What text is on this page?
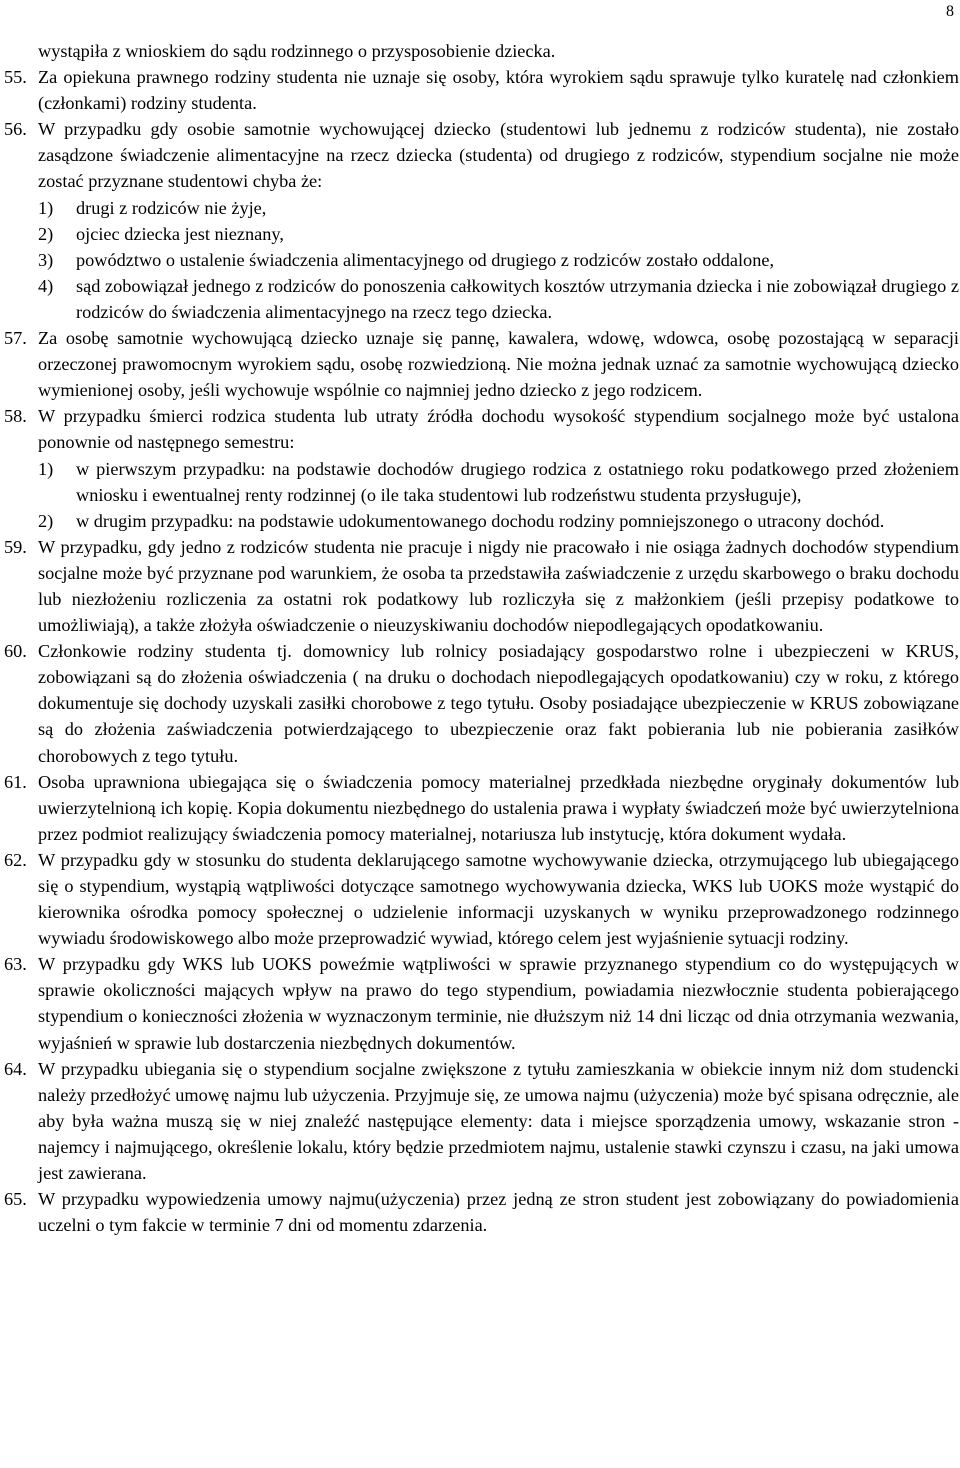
8
wystąpiła z wnioskiem do sądu rodzinnego o przysposobienie dziecka.
55. Za opiekuna prawnego rodziny studenta nie uznaje się osoby, która wyrokiem sądu sprawuje tylko kuratelę nad członkiem (członkami) rodziny studenta.
56. W przypadku gdy osobie samotnie wychowującej dziecko (studentowi lub jednemu z rodziców studenta), nie zostało zasądzone świadczenie alimentacyjne na rzecz dziecka (studenta) od drugiego z rodziców, stypendium socjalne nie może zostać przyznane studentowi chyba że:
1)	drugi z rodziców nie żyje,
2)	ojciec dziecka jest nieznany,
3)	powództwo o ustalenie świadczenia alimentacyjnego od drugiego z rodziców zostało oddalone,
4)	sąd zobowiązał jednego z rodziców do ponoszenia całkowitych kosztów utrzymania dziecka i nie zobowiązał drugiego z rodziców do świadczenia alimentacyjnego na rzecz tego dziecka.
57. Za osobę samotnie wychowującą dziecko uznaje się pannę, kawalera, wdowę, wdowca, osobę pozostającą w separacji orzeczonej prawomocnym wyrokiem sądu, osobę rozwiedzioną. Nie można jednak uznać za samotnie wychowującą dziecko wymienionej osoby, jeśli wychowuje wspólnie co najmniej jedno dziecko z jego rodzicem.
58. W przypadku śmierci rodzica studenta lub utraty źródła dochodu wysokość stypendium socjalnego może być ustalona ponownie od następnego semestru:
1)	w pierwszym przypadku: na podstawie dochodów drugiego rodzica z ostatniego roku podatkowego przed złożeniem wniosku i ewentualnej renty rodzinnej (o ile taka studentowi lub rodzeństwu studenta przysługuje),
2)	w drugim przypadku: na podstawie udokumentowanego dochodu rodziny pomniejszonego o utracony dochód.
59. W przypadku, gdy jedno z rodziców studenta nie pracuje i nigdy nie pracowało i nie osiąga żadnych dochodów stypendium socjalne może być przyznane pod warunkiem, że osoba ta przedstawiła zaświadczenie z urzędu skarbowego o braku dochodu lub niezłożeniu rozliczenia za ostatni rok podatkowy lub rozliczyła się z małżonkiem (jeśli przepisy podatkowe to umożliwiają), a także złożyła oświadczenie o nieuzyskiwaniu dochodów niepodlegających opodatkowaniu.
60. Członkowie rodziny studenta tj. domownicy lub rolnicy posiadający gospodarstwo rolne i ubezpieczeni w KRUS, zobowiązani są do złożenia oświadczenia ( na druku o dochodach niepodlegających opodatkowaniu) czy w roku, z którego dokumentuje się dochody uzyskali zasiłki chorobowe z tego tytułu. Osoby posiadające ubezpieczenie w KRUS zobowiązane są do złożenia zaświadczenia potwierdzającego to ubezpieczenie oraz fakt pobierania lub nie pobierania zasiłków chorobowych z tego tytułu.
61. Osoba uprawniona ubiegająca się o świadczenia pomocy materialnej przedkłada niezbędne oryginały dokumentów lub uwierzytelnioną ich kopię. Kopia dokumentu niezbędnego do ustalenia prawa i wypłaty świadczeń może być uwierzytelniona przez podmiot realizujący świadczenia pomocy materialnej, notariusza lub instytucję, która dokument wydała.
62. W przypadku gdy w stosunku do studenta deklarującego samotne wychowywanie dziecka, otrzymującego lub ubiegającego się o stypendium, wystąpią wątpliwości dotyczące samotnego wychowywania dziecka, WKS lub UOKS może wystąpić do kierownika ośrodka pomocy społecznej o udzielenie informacji uzyskanych w wyniku przeprowadzonego rodzinnego wywiadu środowiskowego albo może przeprowadzić wywiad, którego celem jest wyjaśnienie sytuacji rodziny.
63. W przypadku gdy WKS lub UOKS poweźmie wątpliwości w sprawie przyznanego stypendium co do występujących w sprawie okoliczności mających wpływ na prawo do tego stypendium, powiadamia niezwłocznie studenta pobierającego stypendium o konieczności złożenia w wyznaczonym terminie, nie dłuższym niż 14 dni licząc od dnia otrzymania wezwania, wyjaśnień w sprawie lub dostarczenia niezbędnych dokumentów.
64. W przypadku ubiegania się o stypendium socjalne zwiększone z tytułu zamieszkania w obiekcie innym niż dom studencki należy przedłożyć umowę najmu lub użyczenia. Przyjmuje się, ze umowa najmu (użyczenia) może być spisana odręcznie, ale aby była ważna muszą się w niej znaleźć następujące elementy: data i miejsce sporządzenia umowy, wskazanie stron - najemcy i najmującego, określenie lokalu, który będzie przedmiotem najmu, ustalenie stawki czynszu i czasu, na jaki umowa jest zawierana.
65. W przypadku wypowiedzenia umowy najmu(użyczenia) przez jedną ze stron student jest zobowiązany do powiadomienia uczelni o tym fakcie w terminie 7 dni od momentu zdarzenia.
